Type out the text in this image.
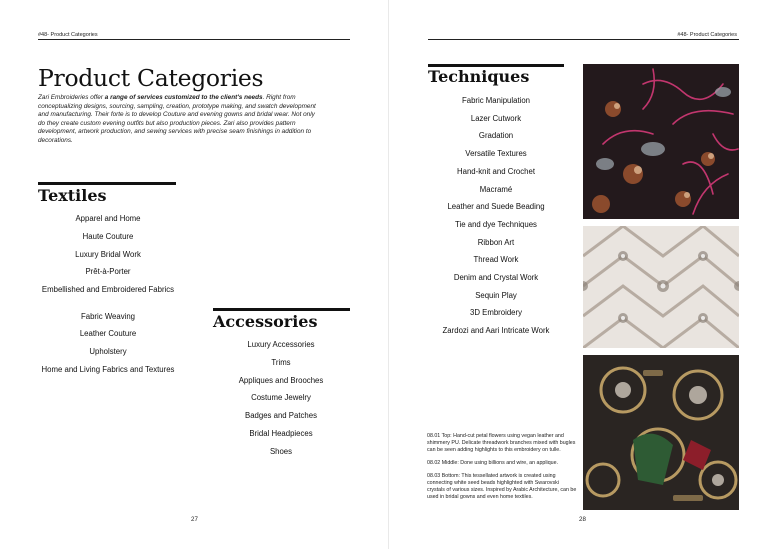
#48- Product Categories
Product Categories

Zari Embroideries offer a range of services customized to the client's needs. Right from conceptualizing designs, sourcing, sampling, creation, prototype making, and swatch development and manufacturing. Their forte is to develop Couture and evening gowns and bridal wear. Not only do they create custom evening outfits but also production pieces. Zari also provides pattern development, artwork production, and sewing services with precise seam finishings in addition to decorations.

Textiles
Apparel and Home
Haute Couture
Luxury Bridal Work
Prêt-à-Porter
Embellished and Embroidered Fabrics
Fabric Weaving
Leather Couture
Upholstery
Home and Living Fabrics and Textures
Accessories
Luxury Accessories
Trims
Appliques and Brooches
Costume Jewelry
Badges and Patches
Bridal Headpieces
Shoes
27
#48- Product Categories
Techniques
Fabric Manipulation
Lazer Cutwork
Gradation
Versatile Textures
Hand-knit and Crochet
Macramé
Leather and Suede Beading
Tie and dye Techniques
Ribbon Art
Thread Work
Denim and Crystal Work
Sequin Play
3D Embroidery
Zardozi and Aari Intricate Work

08.01 Top: Hand-cut petal flowers using vegan leather and shimmery PU. Delicate threadwork branches mixed with bugles can be seen adding highlights to this embroidery on tulle.

08.02 Middle: Done using billions and wire, an applique.

08.03 Bottom: This tessellated artwork is created using connecting white seed beads highlighted with Swarovski crystals of various sizes. Inspired by Arabic Architecture, can be used in bridal gowns and even home textiles.

28
